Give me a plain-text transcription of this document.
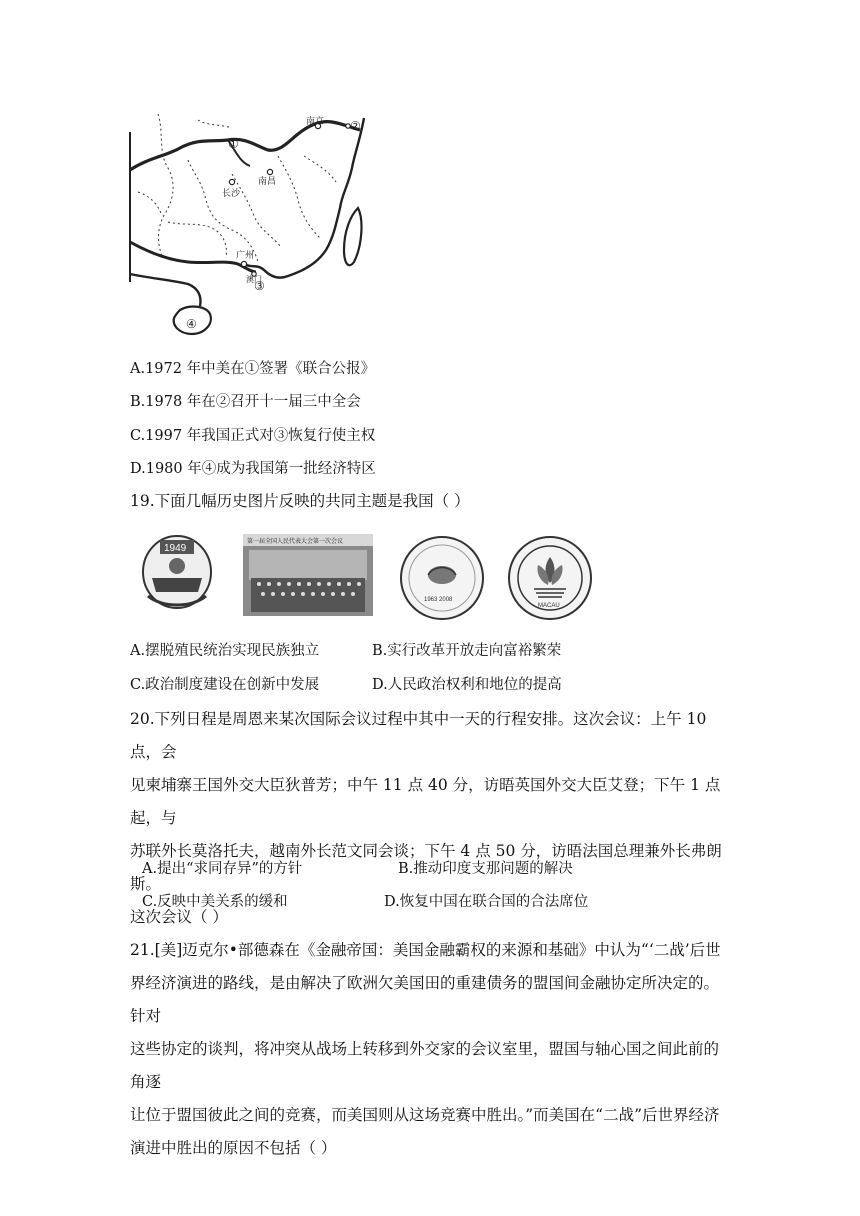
南京
长沙
南昌
广州
澳门
①
②
③
④
A.1972 年中美在①签署《联合公报》
B.1978 年在②召开十一届三中全会
C.1997 年我国正式对③恢复行使主权
D.1980 年④成为我国第一批经济特区
19.下面几幅历史图片反映的共同主题是我国（ ）
1949
第一届全国人民代表大会第一次会议
1963 2008
MACAU
A.摆脱殖民统治实现民族独立	B.实行改革开放走向富裕繁荣
C.政治制度建设在创新中发展	D.人民政治权利和地位的提高

20.下列日程是周恩来某次国际会议过程中其中一天的行程安排。这次会议：上午 10 点，会

见柬埔寨王国外交大臣狄普芳；中午 11 点 40 分，访晤英国外交大臣艾登；下午 1 点起，与

苏联外长莫洛托夫，越南外长范文同会谈；下午 4 点 50 分，访晤法国总理兼外长弗朗斯。

这次会议（ ）

A.提出“求同存异”的方针	B.推动印度支那问题的解决
C.反映中美关系的缓和	D.恢复中国在联合国的合法席位

21.[美]迈克尔•部德森在《金融帝国：美国金融霸权的来源和基础》中认为“‘二战’后世

界经济演进的路线，是由解决了欧洲欠美国田的重建债务的盟国间金融协定所决定的。针对

这些协定的谈判，将冲突从战场上转移到外交家的会议室里，盟国与轴心国之间此前的角逐

让位于盟国彼此之间的竞赛，而美国则从这场竞赛中胜出。”而美国在“二战”后世界经济

演进中胜出的原因不包括（ ）
